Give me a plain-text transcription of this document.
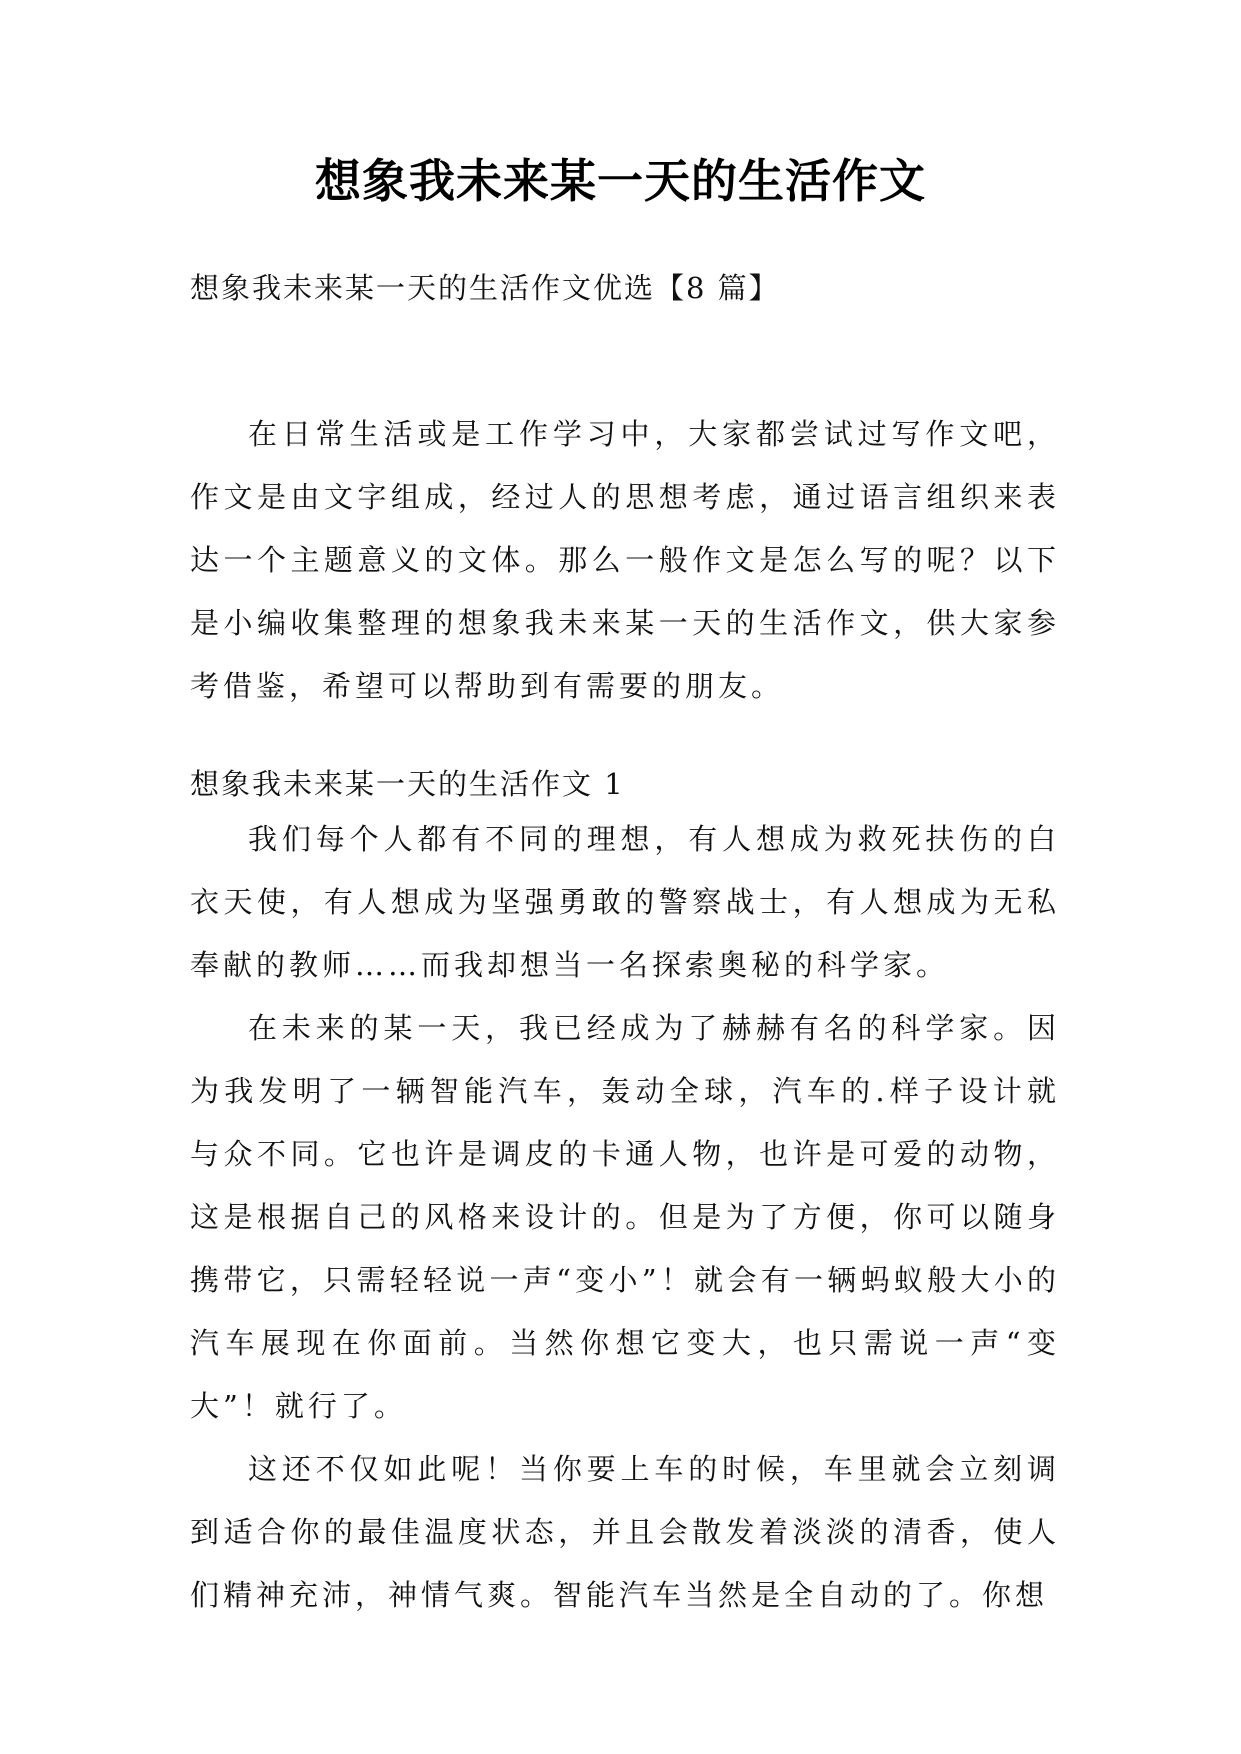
想象我未来某一天的生活作文
想象我未来某一天的生活作文优选【8 篇】

在日常生活或是工作学习中，大家都尝试过写作文吧，作文是由文字组成，经过人的思想考虑，通过语言组织来表达一个主题意义的文体。那么一般作文是怎么写的呢？以下是小编收集整理的想象我未来某一天的生活作文，供大家参考借鉴，希望可以帮助到有需要的朋友。

想象我未来某一天的生活作文 1

我们每个人都有不同的理想，有人想成为救死扶伤的白衣天使，有人想成为坚强勇敢的警察战士，有人想成为无私奉献的教师……而我却想当一名探索奥秘的科学家。

在未来的某一天，我已经成为了赫赫有名的科学家。因为我发明了一辆智能汽车，轰动全球，汽车的.样子设计就与众不同。它也许是调皮的卡通人物，也许是可爱的动物，这是根据自己的风格来设计的。但是为了方便，你可以随身携带它，只需轻轻说一声“变小”！就会有一辆蚂蚁般大小的汽车展现在你面前。当然你想它变大，也只需说一声“变大”！就行了。

这还不仅如此呢！当你要上车的时候，车里就会立刻调到适合你的最佳温度状态，并且会散发着淡淡的清香，使人们精神充沛，神情气爽。智能汽车当然是全自动的了。你想
